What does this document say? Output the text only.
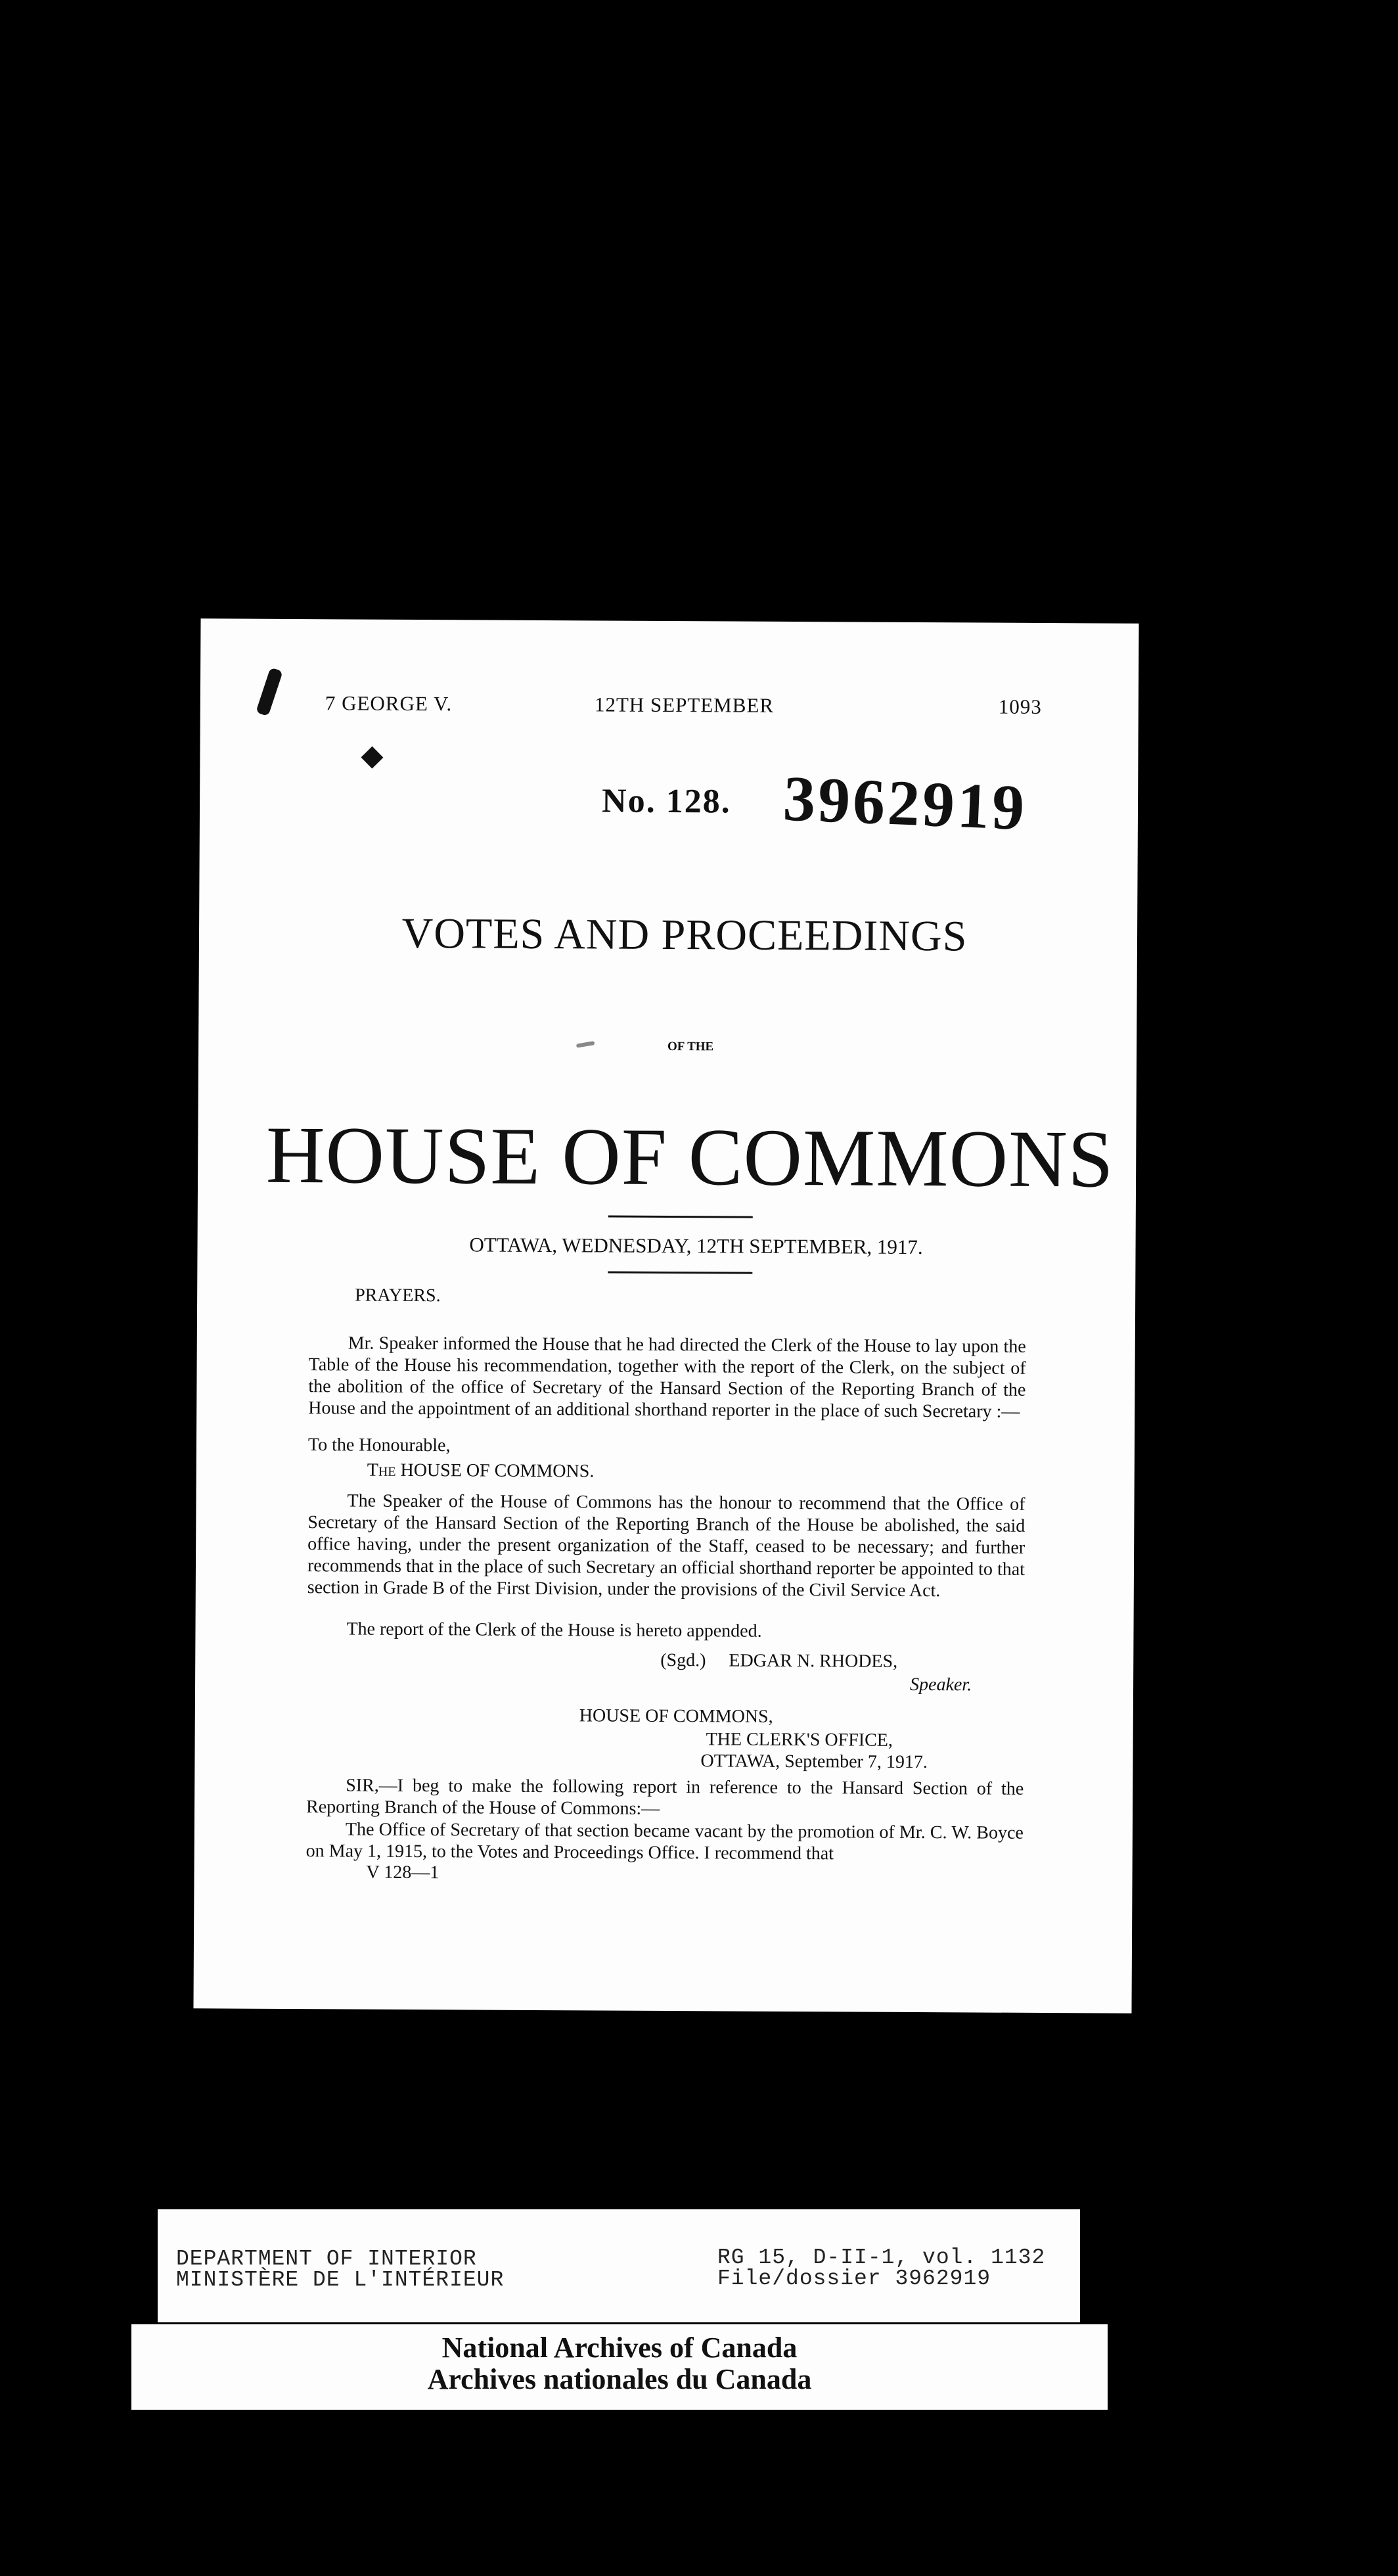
7 GEORGE V.	12TH SEPTEMBER	1093
No. 128. 3962919
VOTES AND PROCEEDINGS
OF THE
HOUSE OF COMMONS
OTTAWA, WEDNESDAY, 12TH SEPTEMBER, 1917.
PRAYERS.
Mr. Speaker informed the House that he had directed the Clerk of the House to lay upon the Table of the House his recommendation, together with the report of the Clerk, on the subject of the abolition of the office of Secretary of the Hansard Section of the Reporting Branch of the House and the appointment of an additional shorthand reporter in the place of such Secretary :—
To the Honourable,
The HOUSE OF COMMONS.
The Speaker of the House of Commons has the honour to recommend that the Office of Secretary of the Hansard Section of the Reporting Branch of the House be abolished, the said office having, under the present organization of the Staff, ceased to be necessary; and further recommends that in the place of such Secretary an official shorthand reporter be appointed to that section in Grade B of the First Division, under the provisions of the Civil Service Act.
The report of the Clerk of the House is hereto appended.
(Sgd.)     EDGAR N. RHODES,
Speaker.
HOUSE OF COMMONS,
THE CLERK'S OFFICE,
OTTAWA, September 7, 1917.
SIR,—I beg to make the following report in reference to the Hansard Section of the Reporting Branch of the House of Commons:—
The Office of Secretary of that section became vacant by the promotion of Mr. C. W. Boyce on May 1, 1915, to the Votes and Proceedings Office. I recommend that
V 128—1
DEPARTMENT OF INTERIOR
MINISTÈRE DE L'INTÉRIEUR
RG 15, D-II-1, vol. 1132
File/dossier 3962919
National Archives of Canada
Archives nationales du Canada
